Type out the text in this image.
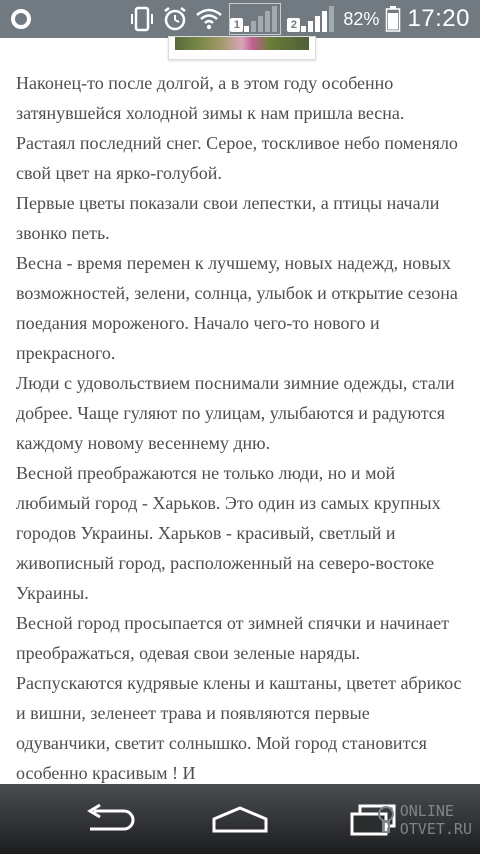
1	2	82% 17:20

Наконец-то после долгой, а в этом году особенно затянувшейся холодной зимы к нам пришла весна. Растаял последний снег. Серое, тоскливое небо поменяло свой цвет на ярко-голубой.

Первые цветы показали свои лепестки, а птицы начали звонко петь.

Весна - время перемен к лучшему, новых надежд, новых возможностей, зелени, солнца, улыбок и открытие сезона поедания мороженого. Начало чего-то нового и прекрасного.

Люди с удовольствием поснимали зимние одежды, стали добрее. Чаще гуляют по улицам, улыбаются и радуются каждому новому весеннему дню.

Весной преображаются не только люди, но и мой любимый город - Харьков. Это один из самых крупных городов Украины. Харьков - красивый, светлый и живописный город, расположенный на северо-востоке Украины.

Весной город просыпается от зимней спячки и начинает преображаться, одевая свои зеленые наряды. Распускаются кудрявые клены и каштаны, цветет абрикос и вишни, зеленеет трава и появляются первые одуванчики, светит солнышко. Мой город становится особенно красивым ! И

ONLINE
OTVET.RU
